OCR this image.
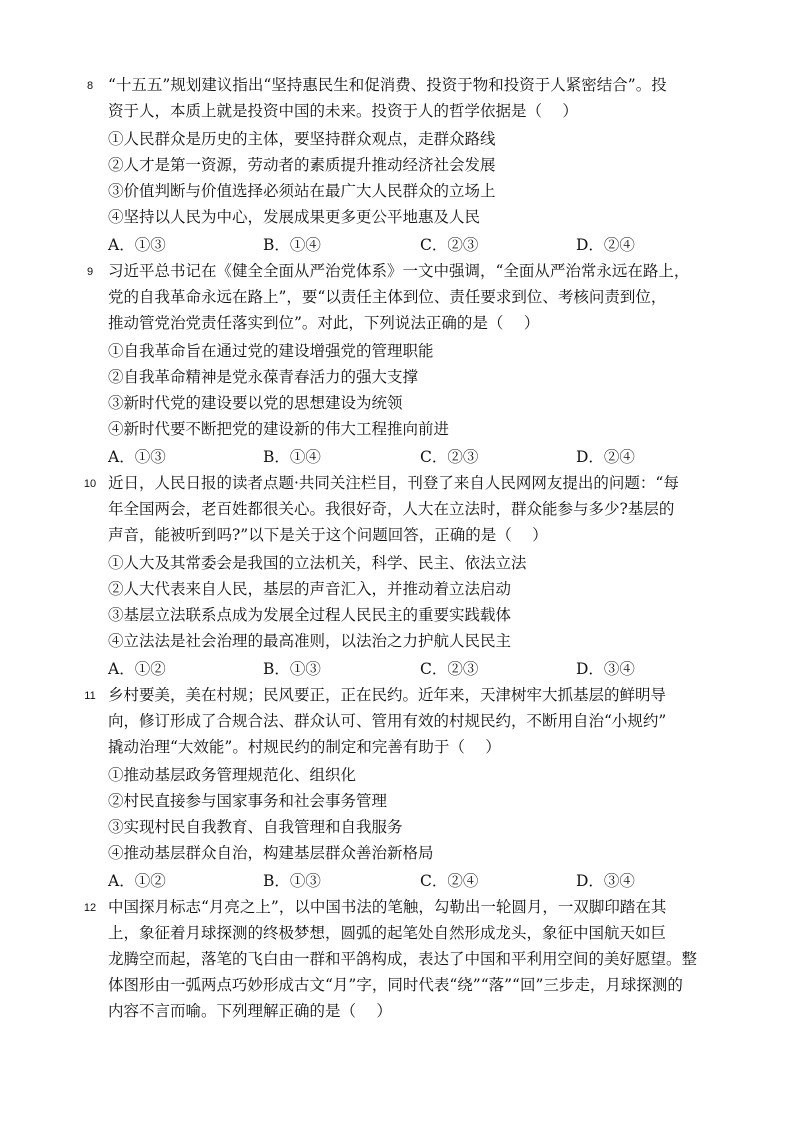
8 “十五五”规划建议指出“坚持惠民生和促消费、投资于物和投资于人紧密结合”。投
资于人，本质上就是投资中国的未来。投资于人的哲学依据是（　 ）
①人民群众是历史的主体，要坚持群众观点，走群众路线
②人才是第一资源，劳动者的素质提升推动经济社会发展
③价值判断与价值选择必须站在最广大人民群众的立场上
④坚持以人民为中心，发展成果更多更公平地惠及人民
A．①③	B．①④	C．②③	D．②④
9 习近平总书记在《健全全面从严治党体系》一文中强调，“全面从严治常永远在路上，
党的自我革命永远在路上”，要“以责任主体到位、责任要求到位、考核问责到位，
推动管党治党责任落实到位”。对此，下列说法正确的是（　 ）
①自我革命旨在通过党的建设增强党的管理职能
②自我革命精神是党永葆青春活力的强大支撑
③新时代党的建设要以党的思想建设为统领
④新时代要不断把党的建设新的伟大工程推向前进
A．①③	B．①④	C．②③	D．②④
10 近日，人民日报的读者点题·共同关注栏目，刊登了来自人民网网友提出的问题：“每
年全国两会，老百姓都很关心。我很好奇，人大在立法时，群众能参与多少?基层的
声音，能被听到吗?”以下是关于这个问题回答，正确的是（　 ）
①人大及其常委会是我国的立法机关，科学、民主、依法立法
②人大代表来自人民，基层的声音汇入，并推动着立法启动
③基层立法联系点成为发展全过程人民民主的重要实践载体
④立法法是社会治理的最高准则，以法治之力护航人民民主
A．①②	B．①③	C．②③	D．③④
11 乡村要美，美在村规；民风要正，正在民约。近年来，天津树牢大抓基层的鲜明导
向，修订形成了合规合法、群众认可、管用有效的村规民约，不断用自治“小规约”
撬动治理“大效能”。村规民约的制定和完善有助于（　 ）
①推动基层政务管理规范化、组织化
②村民直接参与国家事务和社会事务管理
③实现村民自我教育、自我管理和自我服务
④推动基层群众自治，构建基层群众善治新格局
A．①②	B．①③	C．②④	D．③④
12 中国探月标志“月亮之上”，以中国书法的笔触，勾勒出一轮圆月，一双脚印踏在其
上，象征着月球探测的终极梦想，圆弧的起笔处自然形成龙头，象征中国航天如巨
龙腾空而起，落笔的飞白由一群和平鸽构成，表达了中国和平利用空间的美好愿望。整
体图形由一弧两点巧妙形成古文“月”字，同时代表“绕”“落”“回”三步走，月球探测的
内容不言而喻。下列理解正确的是（　 ）
